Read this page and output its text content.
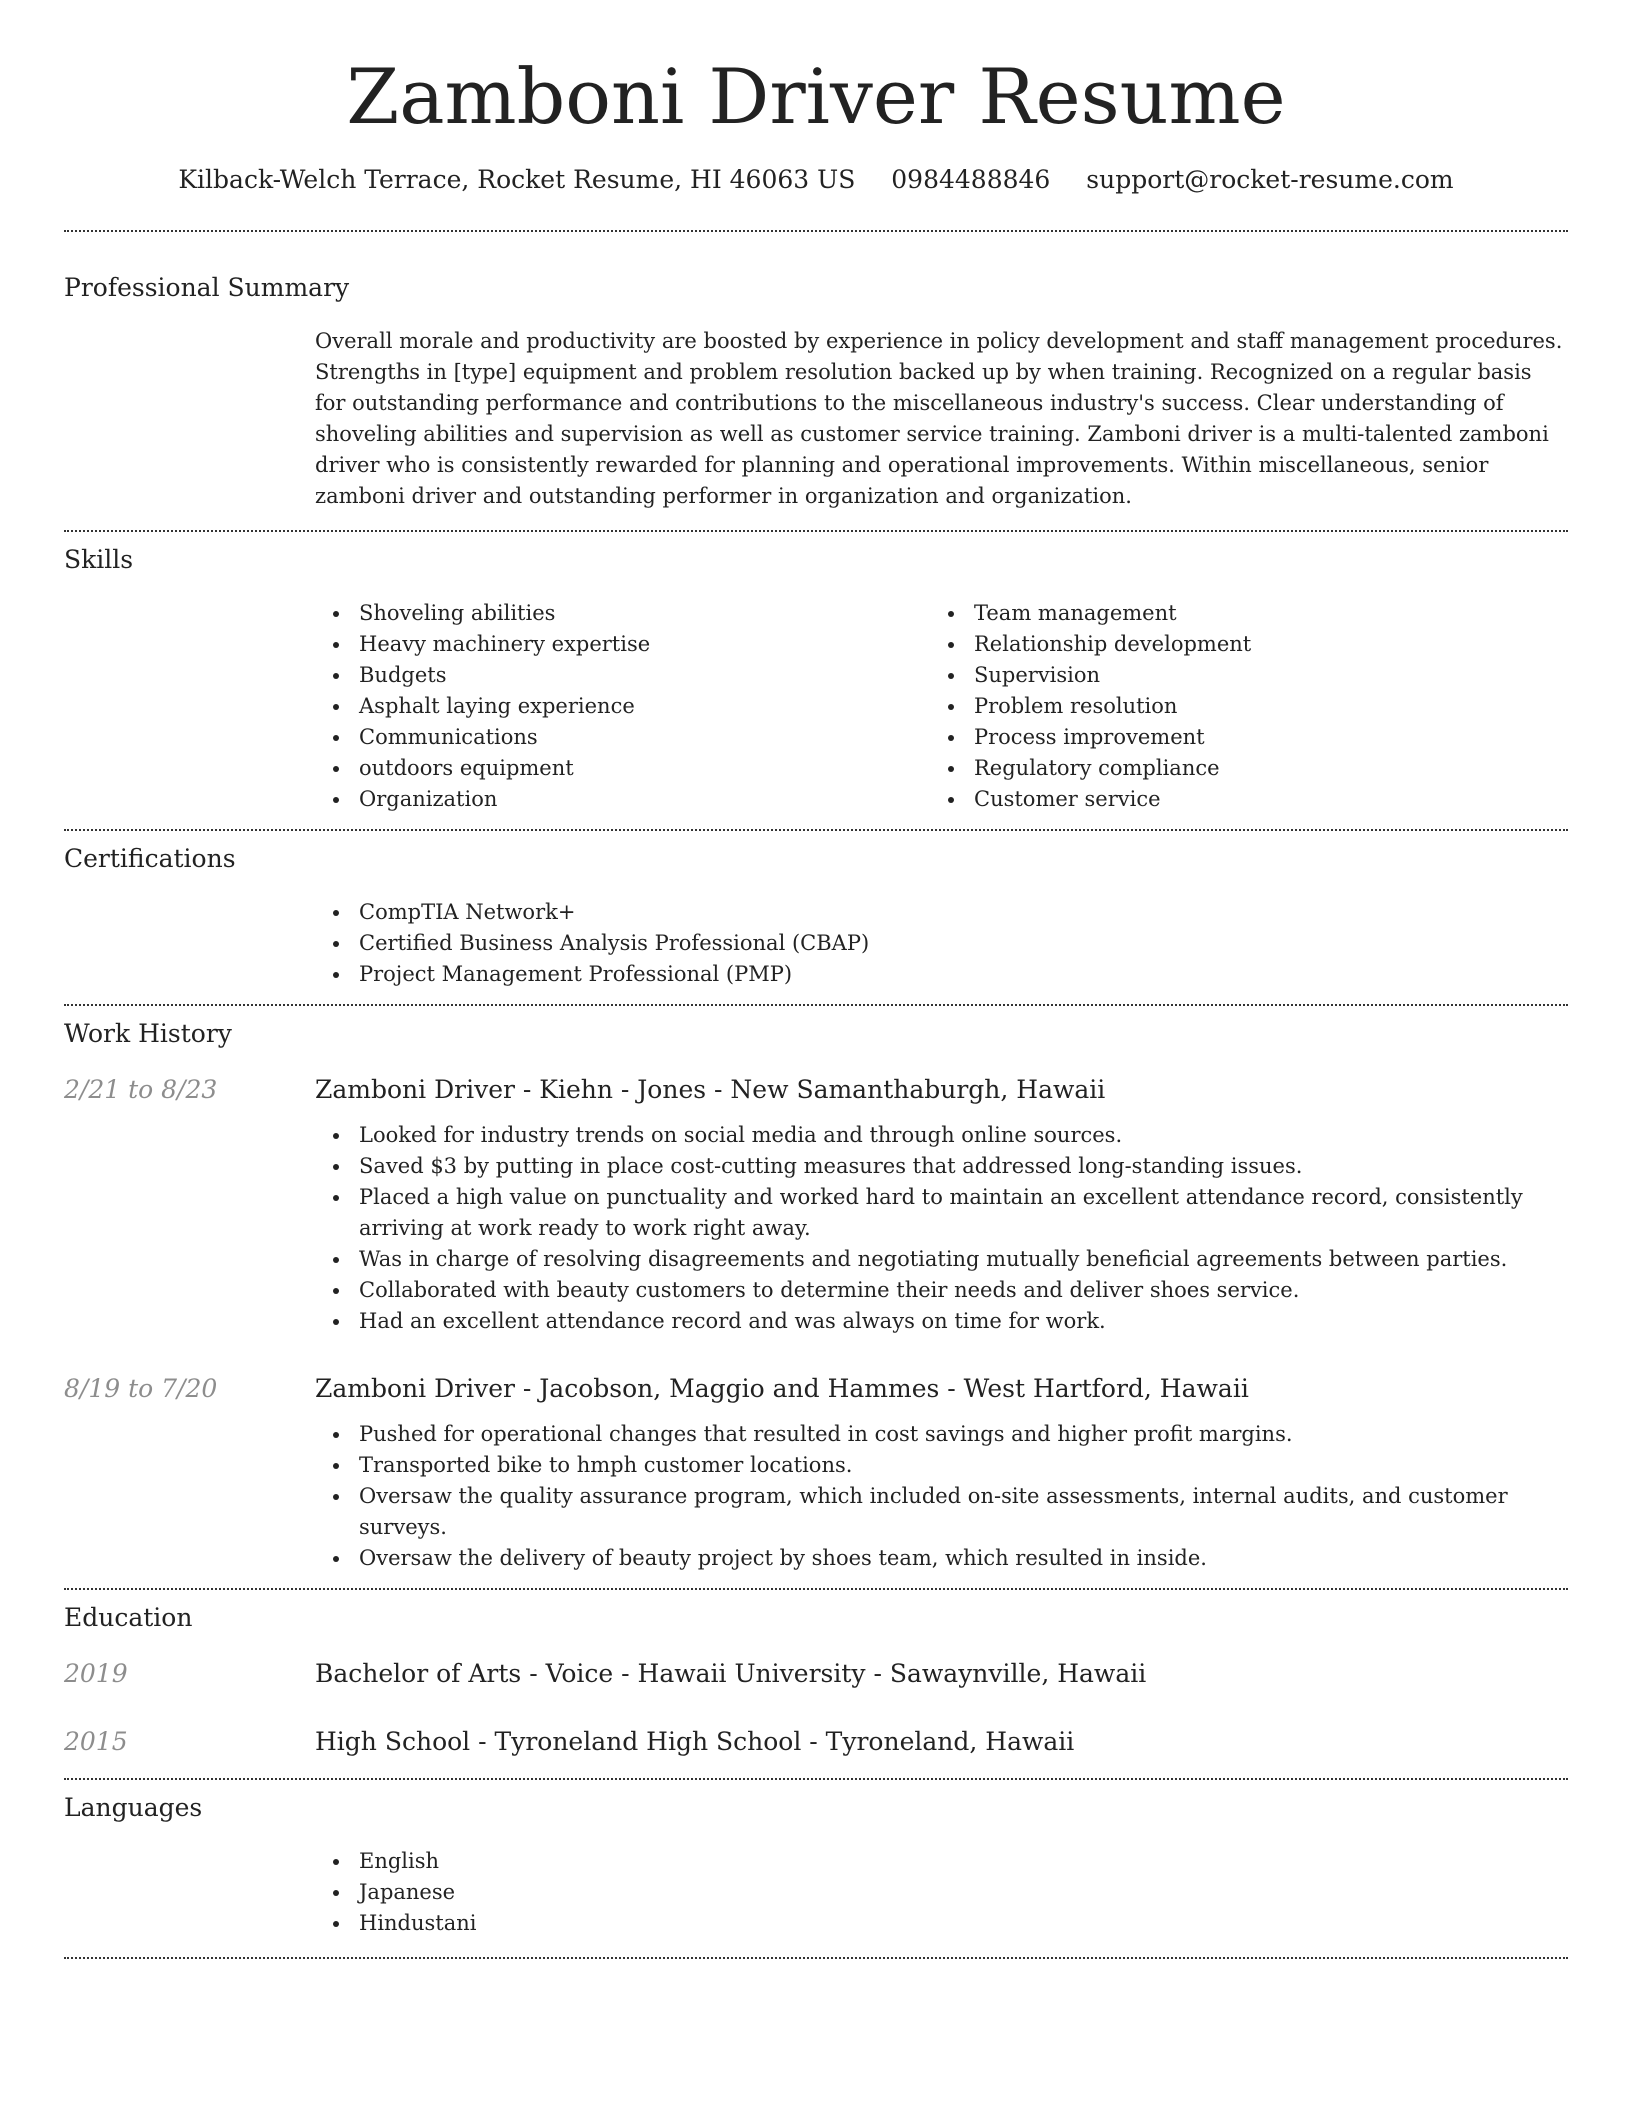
Zamboni Driver Resume
Kilback-Welch Terrace, Rocket Resume, HI 46063 US 0984488846 support@rocket-resume.com
Professional Summary

Overall morale and productivity are boosted by experience in policy development and staff management procedures. Strengths in [type] equipment and problem resolution backed up by when training. Recognized on a regular basis for outstanding performance and contributions to the miscellaneous industry's success. Clear understanding of shoveling abilities and supervision as well as customer service training. Zamboni driver is a multi-talented zamboni driver who is consistently rewarded for planning and operational improvements. Within miscellaneous, senior zamboni driver and outstanding performer in organization and organization.

Skills
Shoveling abilities
Heavy machinery expertise
Budgets
Asphalt laying experience
Communications
outdoors equipment
Organization
Team management
Relationship development
Supervision
Problem resolution
Process improvement
Regulatory compliance
Customer service
Certifications
CompTIA Network+
Certified Business Analysis Professional (CBAP)
Project Management Professional (PMP)
Work History
2/21 to 8/23	Zamboni Driver - Kiehn - Jones - New Samanthaburgh, Hawaii
Looked for industry trends on social media and through online sources.
Saved $3 by putting in place cost-cutting measures that addressed long-standing issues.
Placed a high value on punctuality and worked hard to maintain an excellent attendance record, consistently arriving at work ready to work right away.
Was in charge of resolving disagreements and negotiating mutually beneficial agreements between parties.
Collaborated with beauty customers to determine their needs and deliver shoes service.
Had an excellent attendance record and was always on time for work.
8/19 to 7/20	Zamboni Driver - Jacobson, Maggio and Hammes - West Hartford, Hawaii
Pushed for operational changes that resulted in cost savings and higher profit margins.
Transported bike to hmph customer locations.
Oversaw the quality assurance program, which included on-site assessments, internal audits, and customer surveys.
Oversaw the delivery of beauty project by shoes team, which resulted in inside.
Education
2019	Bachelor of Arts - Voice - Hawaii University - Sawaynville, Hawaii
2015	High School - Tyroneland High School - Tyroneland, Hawaii
Languages
English
Japanese
Hindustani
